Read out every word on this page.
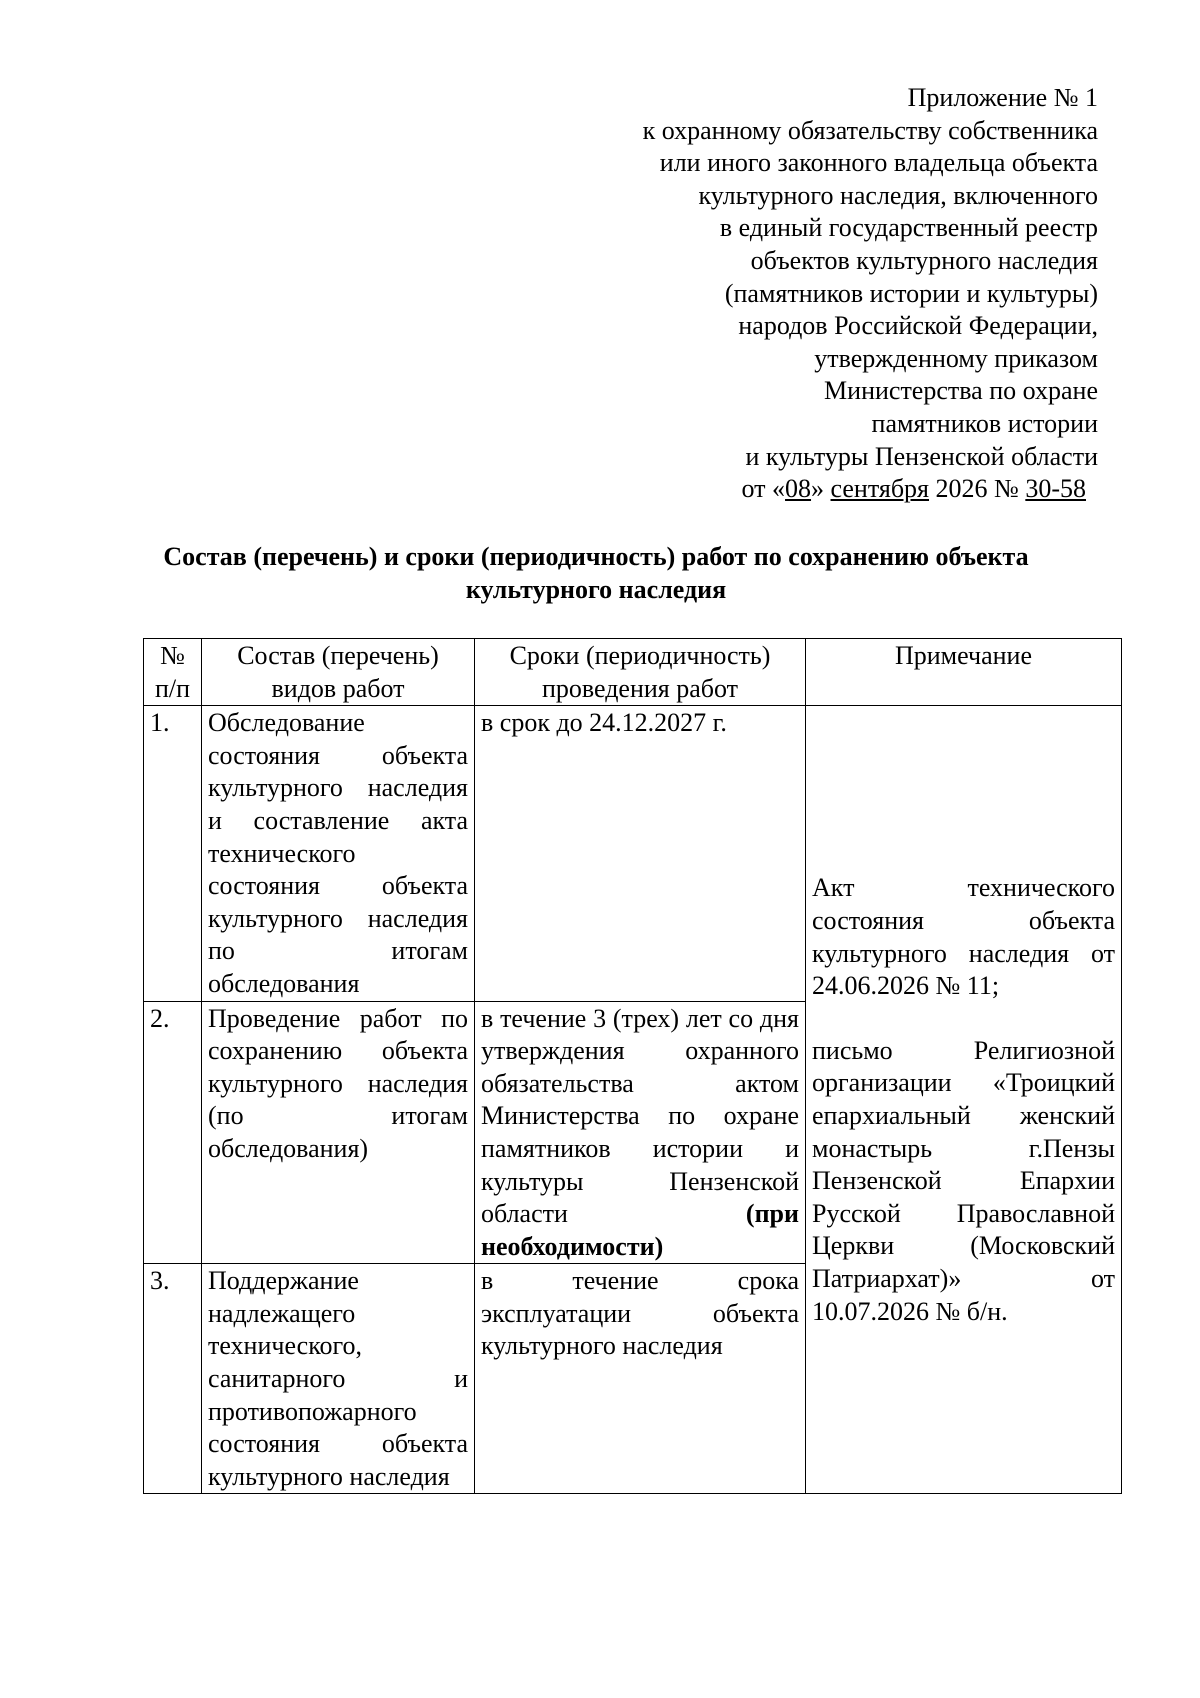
Приложение № 1
к охранному обязательству собственника
или иного законного владельца объекта
культурного наследия, включенного
в единый государственный реестр
объектов культурного наследия
(памятников истории и культуры)
народов Российской Федерации,
утвержденному приказом
Министерства по охране
памятников истории
и культуры Пензенской области
от «08» сентября 2026 № 30-58
Состав (перечень) и сроки (периодичность) работ по сохранению объекта культурного наследия
№ п/п	Состав (перечень) видов работ	Сроки (периодичность) проведения работ	Примечание
1.	Обследование состояния объекта культурного наследия и составление акта технического состояния объекта культурного наследия по итогам обследования	в срок до 24.12.2027 г.	Акт технического состояния объекта культурного наследия от 24.06.2026 № 11;
письмо Религиозной организации «Троицкий епархиальный женский монастырь г.Пензы Пензенской Епархии Русской Православной Церкви (Московский Патриархат)» от 10.07.2026 № б/н.

2.	Проведение работ по сохранению объекта культурного наследия (по итогам обследования)	в течение 3 (трех) лет со дня утверждения охранного обязательства актом Министерства по охране памятников истории и культуры Пензенской области (при необходимости)	
3.	Поддержание надлежащего технического, санитарного и противопожарного состояния объекта культурного наследия	в течение срока эксплуатации объекта культурного наследия	
